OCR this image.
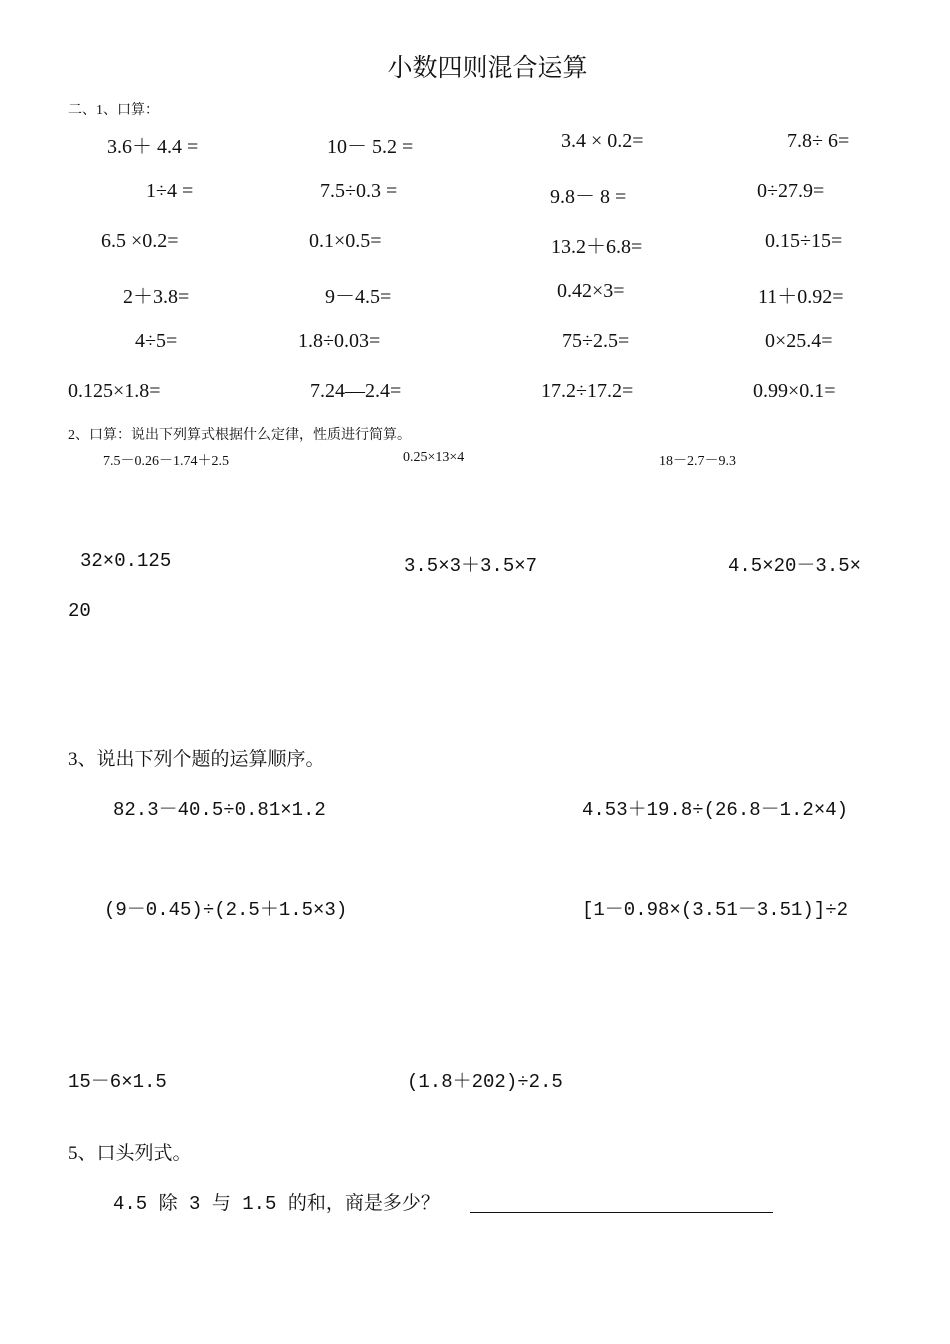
小数四则混合运算
二、1、口算：
3.6＋ 4.4 =	10－ 5.2 =	3.4 × 0.2=	7.8÷ 6=
1÷4 =	7.5÷0.3 =	9.8－ 8 =	0÷27.9=
6.5 ×0.2=	0.1×0.5=	13.2＋6.8=	0.15÷15=
2＋3.8=	9－4.5=	0.42×3=	11＋0.92=
4÷5=	1.8÷0.03=	75÷2.5=	0×25.4=
0.125×1.8=	7.24—2.4=	17.2÷17.2=	0.99×0.1=
2、口算：说出下列算式根据什么定律，性质进行简算。
7.5－0.26－1.74＋2.5	0.25×13×4	18－2.7－9.3
32×0.125	3.5×3＋3.5×7	4.5×20－3.5×
20
3、说出下列个题的运算顺序。
82.3－40.5÷0.81×1.2	4.53＋19.8÷(26.8－1.2×4)
(9－0.45)÷(2.5＋1.5×3)	[1－0.98×(3.51－3.51)]÷2
15－6×1.5	(1.8＋202)÷2.5
5、口头列式。
4.5 除 3 与 1.5 的和，商是多少？
